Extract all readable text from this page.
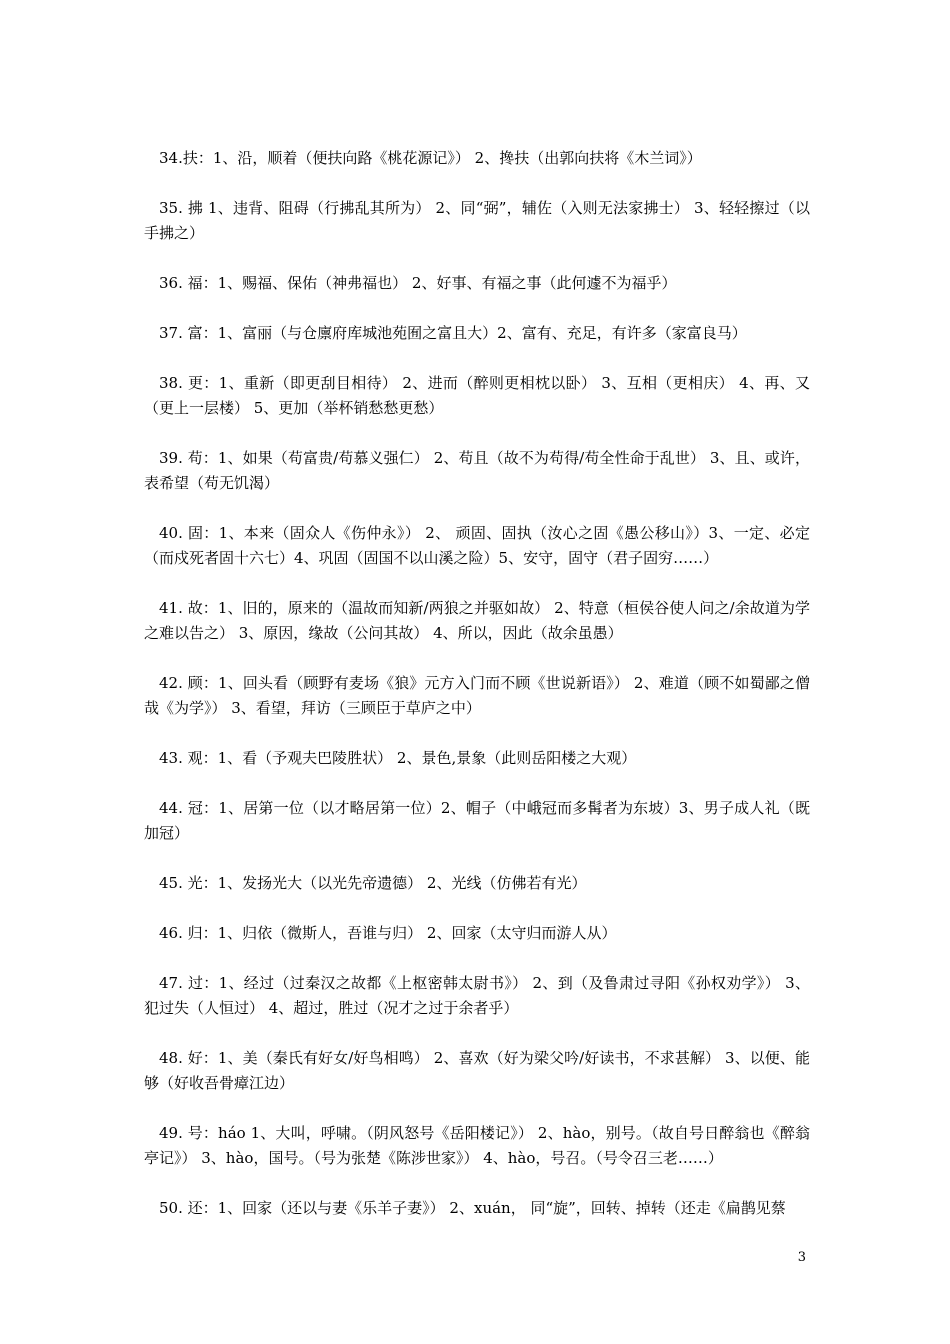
34.扶：1、沿，顺着（便扶向路《桃花源记》） 2、搀扶（出郭向扶将《木兰词》）

35. 拂 1、违背、阻碍（行拂乱其所为） 2、同“弼”，辅佐（入则无法家拂士） 3、轻轻擦过（以手拂之）

36. 福：1、赐福、保佑（神弗福也） 2、好事、有福之事（此何遽不为福乎）

37. 富：1、富丽（与仓廪府库城池苑囿之富且大）2、富有、充足，有许多（家富良马）

38. 更：1、重新（即更刮目相待） 2、进而（醉则更相枕以卧） 3、互相（更相庆） 4、再、又（更上一层楼） 5、更加（举杯销愁愁更愁）

39. 苟：1、如果（苟富贵/苟慕义强仁） 2、苟且（故不为苟得/苟全性命于乱世） 3、且、或许，表希望（苟无饥渴）

40. 固：1、本来（固众人《伤仲永》） 2、 顽固、固执（汝心之固《愚公移山》）3、一定、必定（而戍死者固十六七）4、巩固（固国不以山溪之险）5、安守，固守（君子固穷……）

41. 故：1、旧的，原来的（温故而知新/两狼之并驱如故） 2、特意（桓侯谷使人问之/余故道为学之难以告之） 3、原因，缘故（公问其故） 4、所以，因此（故余虽愚）

42. 顾：1、回头看（顾野有麦场《狼》元方入门而不顾《世说新语》） 2、难道（顾不如蜀鄙之僧哉《为学》） 3、看望，拜访（三顾臣于草庐之中）

43. 观：1、看（予观夫巴陵胜状） 2、景色,景象（此则岳阳楼之大观）

44. 冠：1、居第一位（以才略居第一位）2、帽子（中峨冠而多髯者为东坡）3、男子成人礼（既加冠）

45. 光：1、发扬光大（以光先帝遗德） 2、光线（仿佛若有光）

46. 归：1、归依（微斯人，吾谁与归） 2、回家（太守归而游人从）

47. 过：1、经过（过秦汉之故都《上枢密韩太尉书》） 2、到（及鲁肃过寻阳《孙权劝学》） 3、犯过失（人恒过） 4、超过，胜过（况才之过于余者乎）

48. 好：1、美（秦氏有好女/好鸟相鸣） 2、喜欢（好为梁父吟/好读书，不求甚解） 3、以便、能够（好收吾骨瘴江边）

49. 号：háo 1、大叫，呼啸。（阴风怒号《岳阳楼记》） 2、hào，别号。（故自号日醉翁也《醉翁亭记》） 3、hào，国号。（号为张楚《陈涉世家》） 4、hào，号召。（号令召三老……）

50. 还：1、回家（还以与妻《乐羊子妻》） 2、xuán， 同“旋”，回转、掉转（还走《扁鹊见蔡

3
